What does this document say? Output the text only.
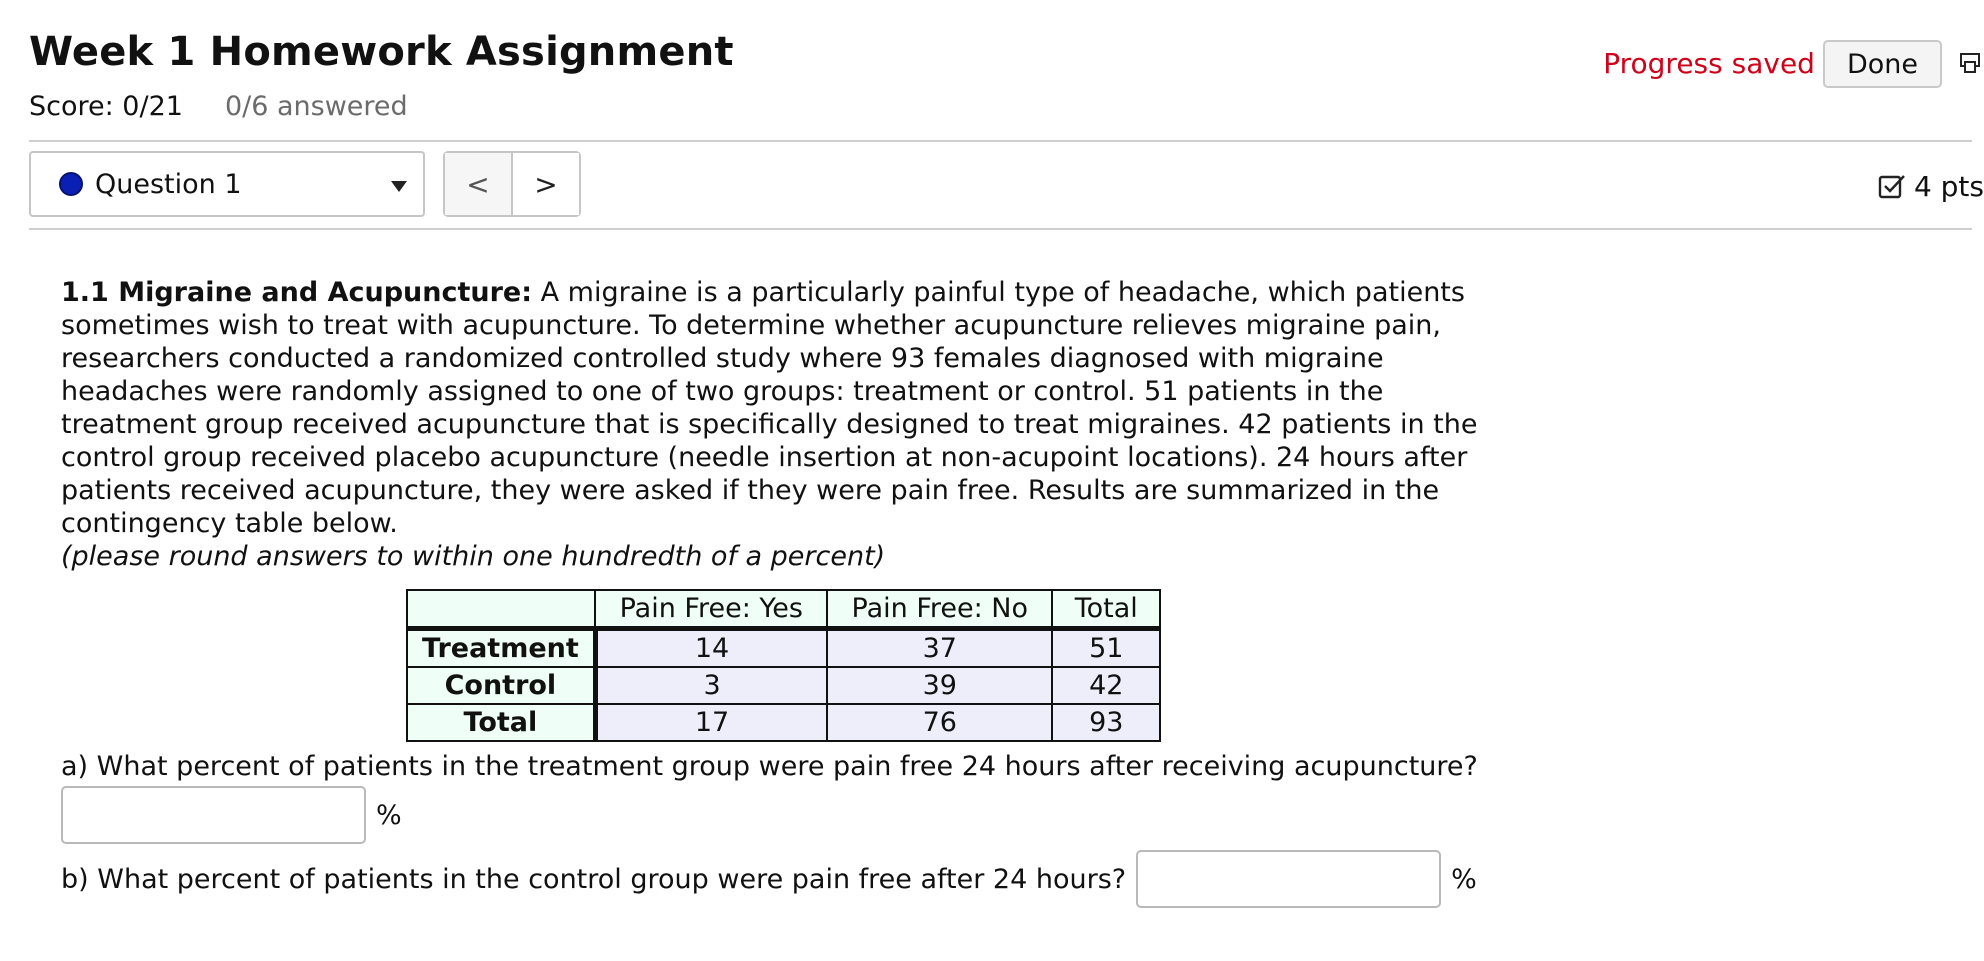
Week 1 Homework Assignment
Score: 0/21 0/6 answered
Progress saved	Done
Question 1	<	>	4 pts
1.1 Migraine and Acupuncture: A migraine is a particularly painful type of headache, which patients sometimes wish to treat with acupuncture. To determine whether acupuncture relieves migraine pain, researchers conducted a randomized controlled study where 93 females diagnosed with migraine headaches were randomly assigned to one of two groups: treatment or control. 51 patients in the treatment group received acupuncture that is specifically designed to treat migraines. 42 patients in the control group received placebo acupuncture (needle insertion at non-acupoint locations). 24 hours after patients received acupuncture, they were asked if they were pain free. Results are summarized in the contingency table below.
(please round answers to within one hundredth of a percent)
	Pain Free: Yes	Pain Free: No	Total
Treatment	14	37	51
Control	3	39	42
Total	17	76	93
a) What percent of patients in the treatment group were pain free 24 hours after receiving acupuncture?
%
b) What percent of patients in the control group were pain free after 24 hours?	%
